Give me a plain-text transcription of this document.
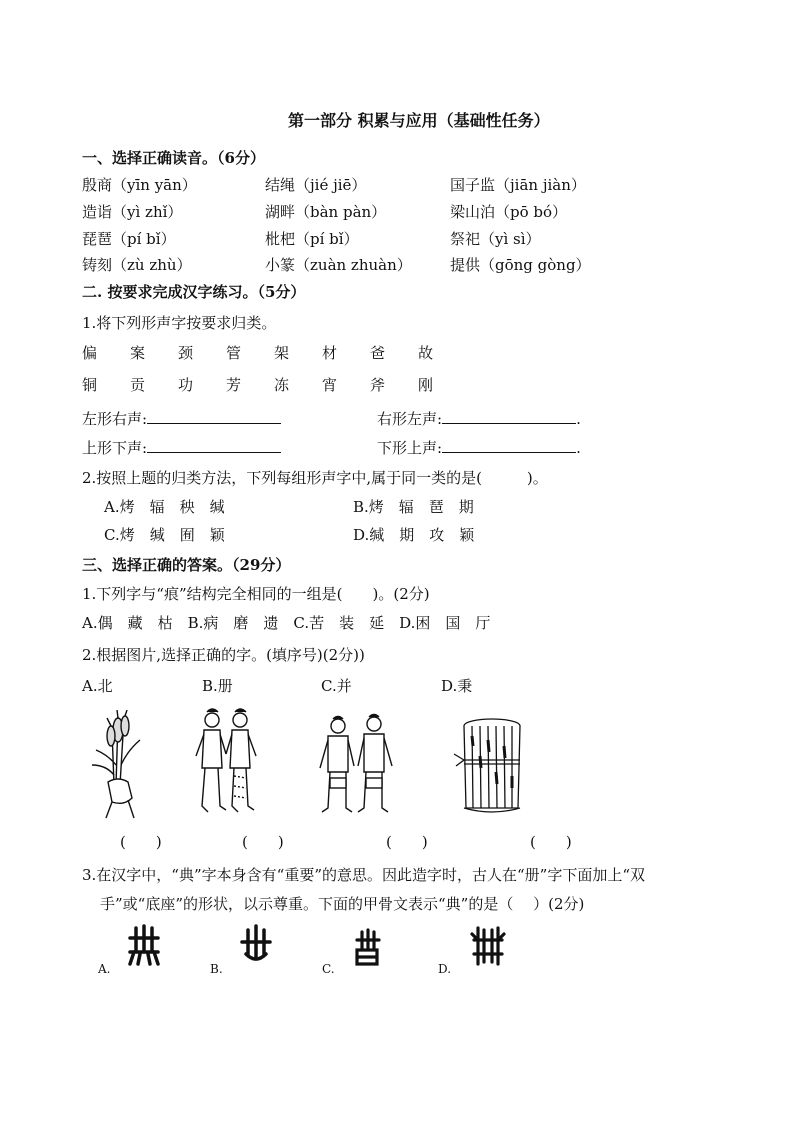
第一部分 积累与应用（基础性任务）
一、选择正确读音。（6分）
殷商（yīn yān）	结绳（jié jiē）	国子监（jiān jiàn）
造诣（yì zhǐ）	湖畔（bàn pàn）	梁山泊（pō bó）
琵琶（pí bǐ）	枇杷（pí bǐ）	祭祀（yì sì）
铸刻（zù zhù）	小篆（zuàn zhuàn）	提供（gōng gòng）
二. 按要求完成汉字练习。（5分）
1.将下列形声字按要求归类。
偏 案 颈 管 架 材 爸 故
铜 贡 功 芳 冻 宵 斧 刚
左形右声:	右形左声:	.
上形下声:	下形上声:	.
2.按照上题的归类方法，下列每组形声字中,属于同一类的是(　　　)。
A.烤　辐　秧　缄	B.烤　辐　琶　期
C.烤　缄　囿　颖	D.缄　期　攻　颖
三、选择正确的答案。（29分）
1.下列字与“痕”结构完全相同的一组是(　　)。(2分)
A.偶　藏　枯　B.病　磨　遗　C.苦　装　延　D.困　国　厅
2.根据图片,选择正确的字。(填序号)(2分))
A.北	B.册	C.并	D.秉
(　　)	(　　)	(　　)	(　　)
3.在汉字中，“典”字本身含有“重要”的意思。因此造字时，古人在“册”字下面加上“双
手”或“底座”的形状，以示尊重。下面的甲骨文表示“典”的是（　 ）(2分)
A.	B.	C.	D.
